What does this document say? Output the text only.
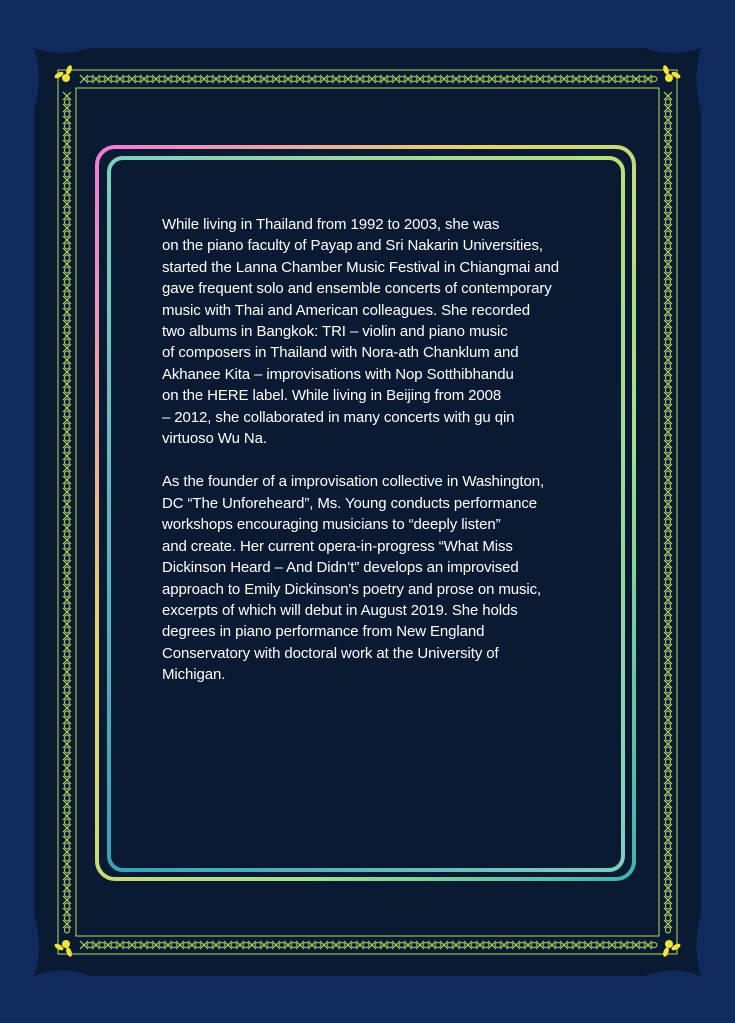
While living in Thailand from 1992 to 2003, she was
on the piano faculty of Payap and Sri Nakarin Universities,
started the Lanna Chamber Music Festival in Chiangmai and
gave frequent solo and ensemble concerts of contemporary
music with Thai and American colleagues. She recorded
two albums in Bangkok: TRI – violin and piano music
of composers in Thailand with Nora-ath Chanklum and
Akhanee Kita – improvisations with Nop Sotthibhandu
on the HERE label. While living in Beijing from 2008
– 2012, she collaborated in many concerts with gu qin
virtuoso Wu Na.

As the founder of a improvisation collective in Washington,
DC “The Unforeheard”, Ms. Young conducts performance
workshops encouraging musicians to “deeply listen”
and create. Her current opera-in-progress “What Miss
Dickinson Heard – And Didn’t” develops an improvised
approach to Emily Dickinson's poetry and prose on music,
excerpts of which will debut in August 2019. She holds
degrees in piano performance from New England
Conservatory with doctoral work at the University of
Michigan.
